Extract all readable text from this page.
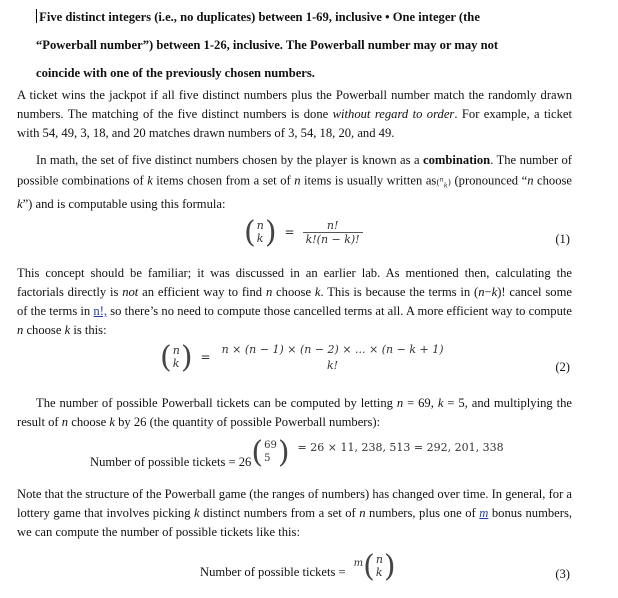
Five distinct integers (i.e., no duplicates) between 1-69, inclusive • One integer (the
“Powerball number”) between 1-26, inclusive. The Powerball number may or may not
coincide with one of the previously chosen numbers.
A ticket wins the jackpot if all five distinct numbers plus the Powerball number match the randomly drawn numbers. The matching of the five distinct numbers is done without regard to order. For example, a ticket with 54, 49, 3, 18, and 20 matches drawn numbers of 3, 54, 18, 20, and 49.
In math, the set of five distinct numbers chosen by the player is known as a combination. The number of possible combinations of k items chosen from a set of n items is usually written as($^n_k$) (pronounced “n choose k”) and is computable using this formula:
( n
k ) = $\frac{n!}{k!(n - k)!}$	(1)
This concept should be familiar; it was discussed in an earlier lab. As mentioned then, calculating the factorials directly is not an efficient way to find n choose k. This is because the terms in (n−k)! cancel some of the terms in n!, so there’s no need to compute those cancelled terms at all. A more efficient way to compute n choose k is this:
( n
k ) =
n × (n − 1) × (n − 2) × ... × (n − k + 1)
k!	(2)
The number of possible Powerball tickets can be computed by letting n = 69, k = 5, and multiplying the result of n choose k by 26 (the quantity of possible Powerball numbers):
Number of possible tickets = 26 ( 69
5 ) = 26 × 11, 238, 513 = 292, 201, 338
Note that the structure of the Powerball game (the ranges of numbers) has changed over time. In general, for a lottery game that involves picking k distinct numbers from a set of n numbers, plus one of m bonus numbers, we can compute the number of possible tickets like this:
Number of possible tickets =
m ( n
k )	(3)
